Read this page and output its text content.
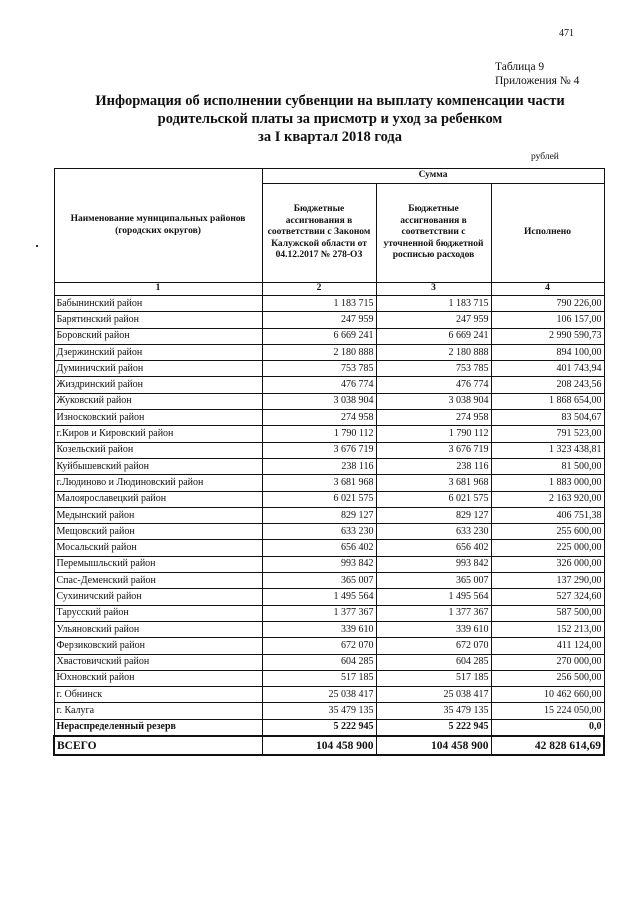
471
Таблица 9
Приложения № 4
Информация об исполнении субвенции на выплату компенсации части
родительской платы за присмотр и уход за ребенком
за I квартал 2018 года
рублей
Наименование муниципальных районов (городских округов)	Сумма		
	Бюджетные ассигнования в соответствии с Законом Калужской области от 04.12.2017 № 278-ОЗ	Бюджетные ассигнования в соответствии с уточненной бюджетной росписью расходов	Исполнено
1	2	3	4
Бабынинский район	1 183 715	1 183 715	790 226,00
Барятинский район	247 959	247 959	106 157,00
Боровский район	6 669 241	6 669 241	2 990 590,73
Дзержинский район	2 180 888	2 180 888	894 100,00
Думиничский район	753 785	753 785	401 743,94
Жиздринский район	476 774	476 774	208 243,56
Жуковский район	3 038 904	3 038 904	1 868 654,00
Износковский район	274 958	274 958	83 504,67
г.Киров и Кировский район	1 790 112	1 790 112	791 523,00
Козельский район	3 676 719	3 676 719	1 323 438,81
Куйбышевский район	238 116	238 116	81 500,00
г.Людиново и Людиновский район	3 681 968	3 681 968	1 883 000,00
Малоярославецкий район	6 021 575	6 021 575	2 163 920,00
Медынский район	829 127	829 127	406 751,38
Мещовский район	633 230	633 230	255 600,00
Мосальский район	656 402	656 402	225 000,00
Перемышльский район	993 842	993 842	326 000,00
Спас-Деменский район	365 007	365 007	137 290,00
Сухиничский район	1 495 564	1 495 564	527 324,60
Тарусский район	1 377 367	1 377 367	587 500,00
Ульяновский район	339 610	339 610	152 213,00
Ферзиковский район	672 070	672 070	411 124,00
Хвастовичский район	604 285	604 285	270 000,00
Юхновский район	517 185	517 185	256 500,00
г. Обнинск	25 038 417	25 038 417	10 462 660,00
г. Калуга	35 479 135	35 479 135	15 224 050,00
Нераспределенный резерв	5 222 945	5 222 945	0,0
ВСЕГО	104 458 900	104 458 900	42 828 614,69
